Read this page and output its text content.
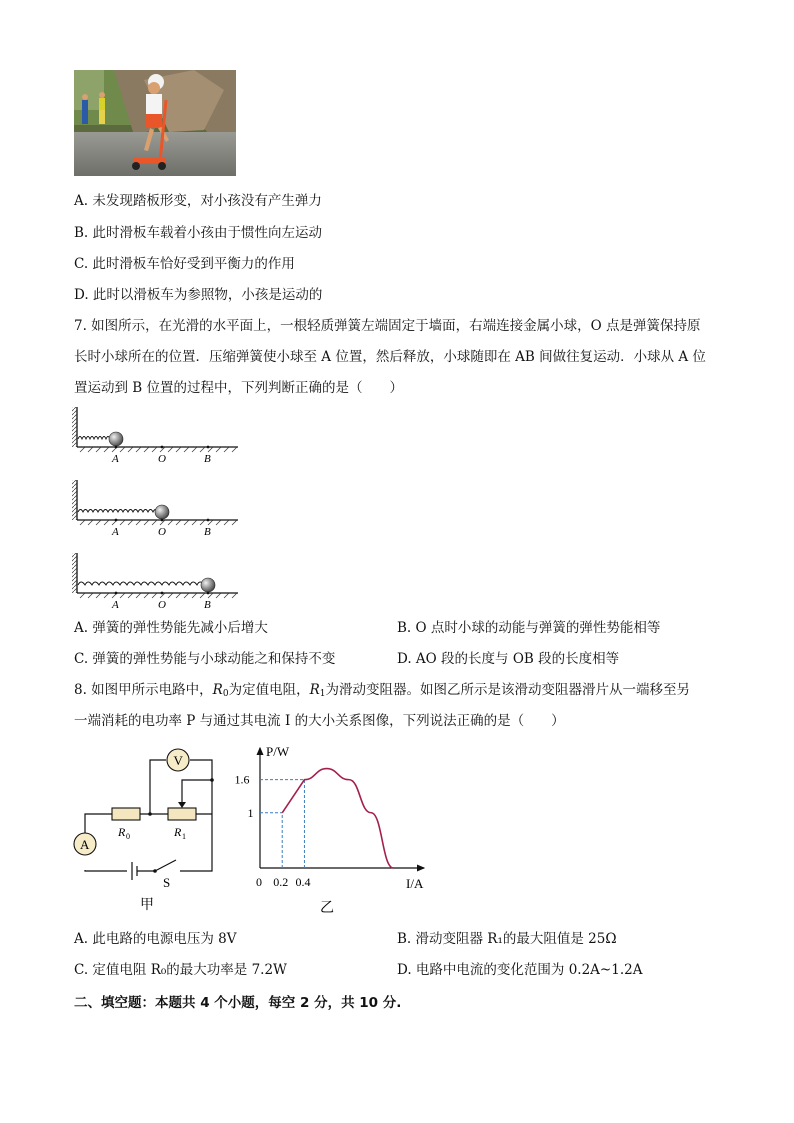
A. 未发现踏板形变，对小孩没有产生弹力
B. 此时滑板车载着小孩由于惯性向左运动
C. 此时滑板车恰好受到平衡力的作用
D. 此时以滑板车为参照物，小孩是运动的
7. 如图所示，在光滑的水平面上，一根轻质弹簧左端固定于墙面，右端连接金属小球，O 点是弹簧保持原
长时小球所在的位置．压缩弹簧使小球至 A 位置，然后释放，小球随即在 AB 间做往复运动．小球从 A 位
置运动到 B 位置的过程中，下列判断正确的是（　　）
A	O	B
A	O	B
A	O	B
A. 弹簧的弹性势能先减小后增大	B. O 点时小球的动能与弹簧的弹性势能相等
C. 弹簧的弹性势能与小球动能之和保持不变	D. AO 段的长度与 OB 段的长度相等
8. 如图甲所示电路中，$R_0$为定值电阻，$R_1$为滑动变阻器。如图乙所示是该滑动变阻器滑片从一端移至另
一端消耗的电功率 P 与通过其电流 I 的大小关系图像，下列说法正确的是（　　）
V
A
R 0	R 1
S
甲
P/W
I/A
0 0.2 0.4
1
1.6
乙
A. 此电路的电源电压为 8V	B. 滑动变阻器 R₁的最大阻值是 25Ω
C. 定值电阻 R₀的最大功率是 7.2W	D. 电路中电流的变化范围为 0.2A~1.2A
二、填空题：本题共 4 个小题，每空 2 分，共 10 分.
